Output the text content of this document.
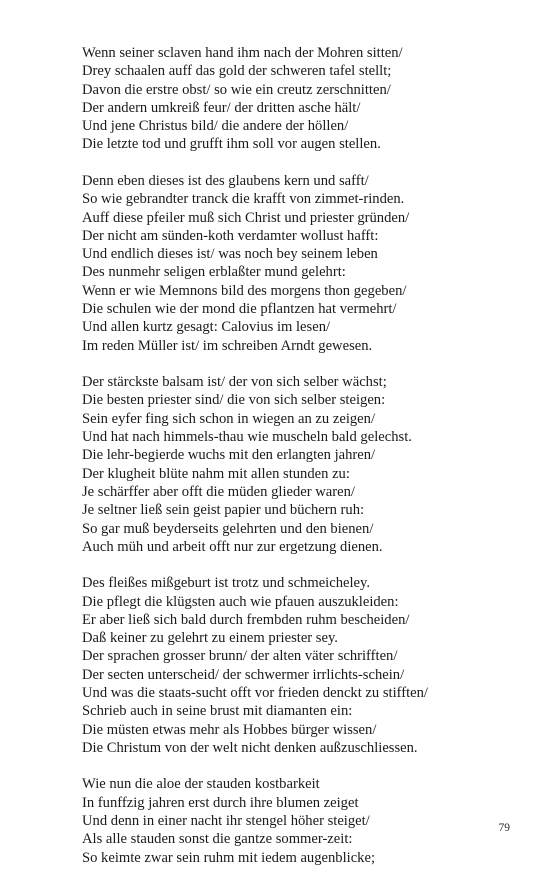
Wenn seiner sclaven hand ihm nach der Mohren sitten/
Drey schaalen auff das gold der schweren tafel stellt;
Davon die erstre obst/ so wie ein creutz zerschnitten/
Der andern umkreiß feur/ der dritten asche hält/
Und jene Christus bild/ die andere der höllen/
Die letzte tod und grufft ihm soll vor augen stellen.
Denn eben dieses ist des glaubens kern und safft/
So wie gebrandter tranck die krafft von zimmet-rinden.
Auff diese pfeiler muß sich Christ und priester gründen/
Der nicht am sünden-koth verdamter wollust hafft:
Und endlich dieses ist/ was noch bey seinem leben
Des nunmehr seligen erblaßter mund gelehrt:
Wenn er wie Memnons bild des morgens thon gegeben/
Die schulen wie der mond die pflantzen hat vermehrt/
Und allen kurtz gesagt: Calovius im lesen/
Im reden Müller ist/ im schreiben Arndt gewesen.
Der stärckste balsam ist/ der von sich selber wächst;
Die besten priester sind/ die von sich selber steigen:
Sein eyfer fing sich schon in wiegen an zu zeigen/
Und hat nach himmels-thau wie muscheln bald gelechst.
Die lehr-begierde wuchs mit den erlangten jahren/
Der klugheit blüte nahm mit allen stunden zu:
Je schärffer aber offt die müden glieder waren/
Je seltner ließ sein geist papier und büchern ruh:
So gar muß beyderseits gelehrten und den bienen/
Auch müh und arbeit offt nur zur ergetzung dienen.
Des fleißes mißgeburt ist trotz und schmeicheley.
Die pflegt die klügsten auch wie pfauen auszukleiden:
Er aber ließ sich bald durch frembden ruhm bescheiden/
Daß keiner zu gelehrt zu einem priester sey.
Der sprachen grosser brunn/ der alten väter schrifften/
Der secten unterscheid/ der schwermer irrlichts-schein/
Und was die staats-sucht offt vor frieden denckt zu stifften/
Schrieb auch in seine brust mit diamanten ein:
Die müsten etwas mehr als Hobbes bürger wissen/
Die Christum von der welt nicht denken außzuschliessen.
Wie nun die aloe der stauden kostbarkeit
In funffzig jahren erst durch ihre blumen zeiget
Und denn in einer nacht ihr stengel höher steiget/
Als alle stauden sonst die gantze sommer-zeit:
So keimte zwar sein ruhm mit iedem augenblicke;
79
